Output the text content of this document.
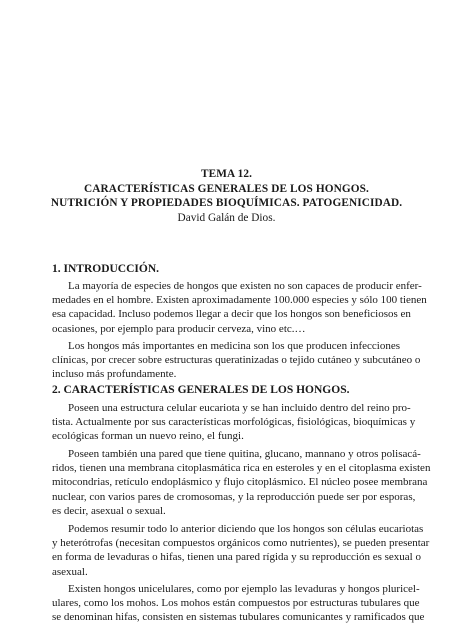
TEMA 12.
CARACTERÍSTICAS GENERALES DE LOS HONGOS.
NUTRICIÓN Y PROPIEDADES BIOQUÍMICAS. PATOGENICIDAD.
David Galán de Dios.
1. INTRODUCCIÓN.
La mayoría de especies de hongos que existen no son capaces de producir enfer-
medades en el hombre. Existen aproximadamente 100.000 especies y sólo 100 tienen
esa capacidad. Incluso podemos llegar a decir que los hongos son beneficiosos en
ocasiones, por ejemplo para producir cerveza, vino etc.…
Los hongos más importantes en medicina son los que producen infecciones
clínicas, por crecer sobre estructuras queratinizadas o tejido cutáneo y subcutáneo o
incluso más profundamente.
2. CARACTERÍSTICAS GENERALES DE LOS HONGOS.
Poseen una estructura celular eucariota y se han incluido dentro del reino pro-
tista. Actualmente por sus características morfológicas, fisiológicas, bioquímicas y
ecológicas forman un nuevo reino, el fungi.
Poseen también una pared que tiene quitina, glucano, mannano y otros polisacá-
ridos, tienen una membrana citoplasmática rica en esteroles y en el citoplasma existen
mitocondrias, retículo endoplásmico y flujo citoplásmico. El núcleo posee membrana
nuclear, con varios pares de cromosomas, y la reproducción puede ser por esporas,
es decir, asexual o sexual.
Podemos resumir todo lo anterior diciendo que los hongos son células eucariotas
y heterótrofas (necesitan compuestos orgánicos como nutrientes), se pueden presentar
en forma de levaduras o hifas, tienen una pared rígida y su reproducción es sexual o
asexual.
Existen hongos unicelulares, como por ejemplo las levaduras y hongos pluricel-
ulares, como los mohos. Los mohos están compuestos por estructuras tubulares que
se denominan hifas, consisten en sistemas tubulares comunicantes y ramificados que
